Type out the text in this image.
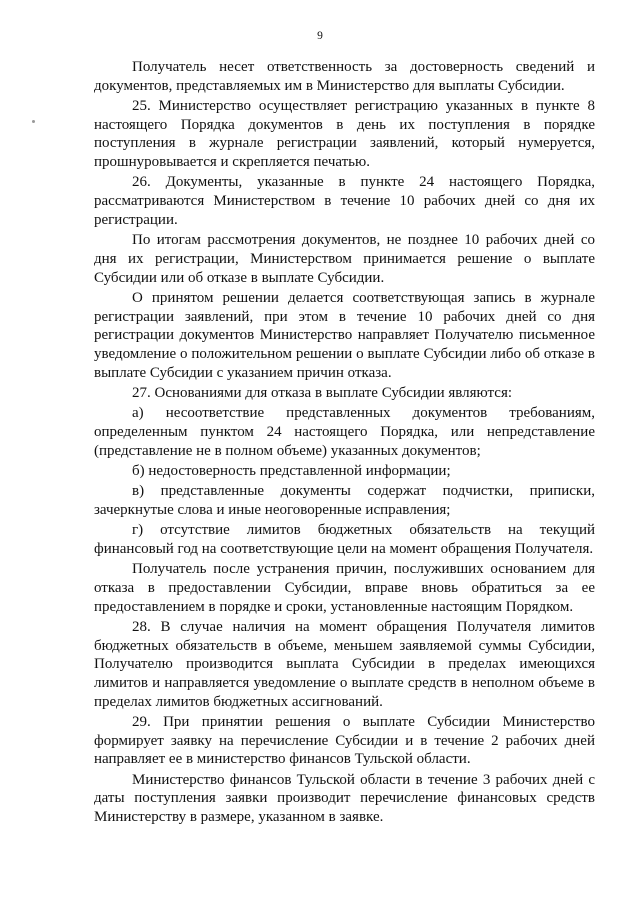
9

Получатель несет ответственность за достоверность сведений и документов, представляемых им в Министерство для выплаты Субсидии.

25. Министерство осуществляет регистрацию указанных в пункте 8 настоящего Порядка документов в день их поступления в порядке поступления в журнале регистрации заявлений, который нумеруется, прошнуровывается и скрепляется печатью.

26. Документы, указанные в пункте 24 настоящего Порядка, рассматриваются Министерством в течение 10 рабочих дней со дня их регистрации.

По итогам рассмотрения документов, не позднее 10 рабочих дней со дня их регистрации, Министерством принимается решение о выплате Субсидии или об отказе в выплате Субсидии.

О принятом решении делается соответствующая запись в журнале регистрации заявлений, при этом в течение 10 рабочих дней со дня регистрации документов Министерство направляет Получателю письменное уведомление о положительном решении о выплате Субсидии либо об отказе в выплате Субсидии с указанием причин отказа.

27. Основаниями для отказа в выплате Субсидии являются:

а) несоответствие представленных документов требованиям, определенным пунктом 24 настоящего Порядка, или непредставление (представление не в полном объеме) указанных документов;

б) недостоверность представленной информации;

в) представленные документы содержат подчистки, приписки, зачеркнутые слова и иные неоговоренные исправления;

г) отсутствие лимитов бюджетных обязательств на текущий финансовый год на соответствующие цели на момент обращения Получателя.

Получатель после устранения причин, послуживших основанием для отказа в предоставлении Субсидии, вправе вновь обратиться за ее предоставлением в порядке и сроки, установленные настоящим Порядком.

28. В случае наличия на момент обращения Получателя лимитов бюджетных обязательств в объеме, меньшем заявляемой суммы Субсидии, Получателю производится выплата Субсидии в пределах имеющихся лимитов и направляется уведомление о выплате средств в неполном объеме в пределах лимитов бюджетных ассигнований.

29. При принятии решения о выплате Субсидии Министерство формирует заявку на перечисление Субсидии и в течение 2 рабочих дней направляет ее в министерство финансов Тульской области.

Министерство финансов Тульской области в течение 3 рабочих дней с даты поступления заявки производит перечисление финансовых средств Министерству в размере, указанном в заявке.
